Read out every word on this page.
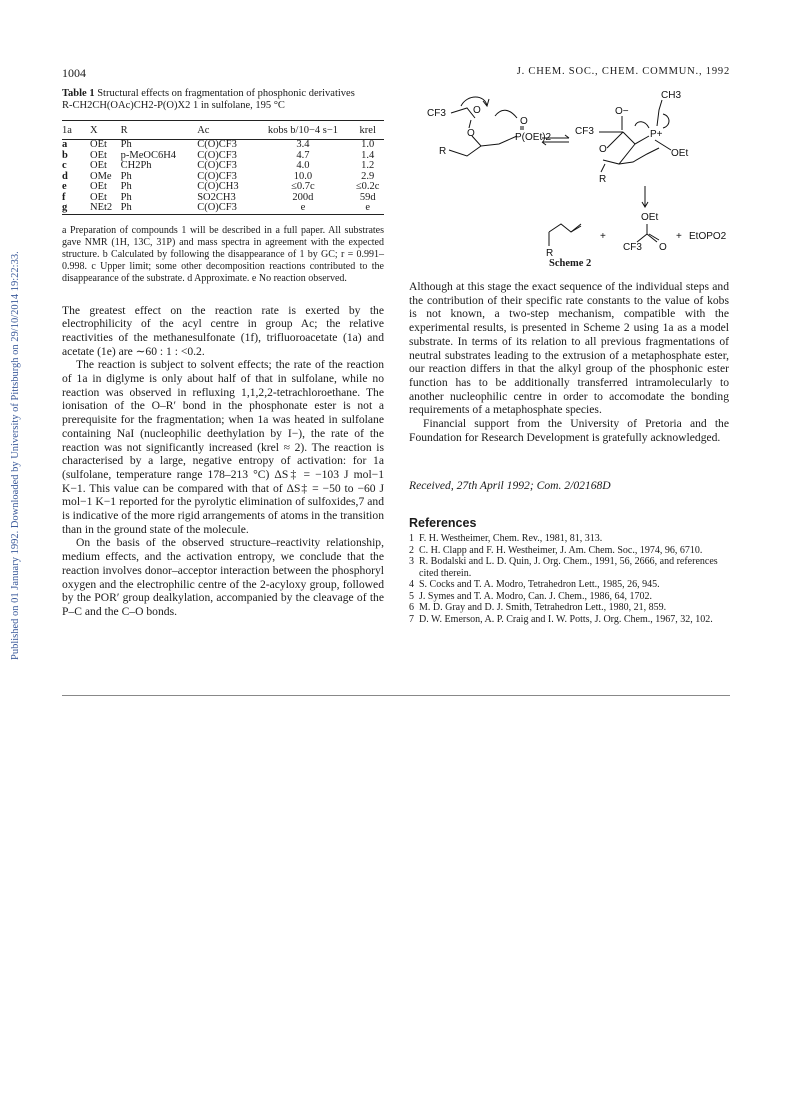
Published on 01 January 1992. Downloaded by University of Pittsburgh on 29/10/2014 19:22:33.
1004	J. CHEM. SOC., CHEM. COMMUN., 1992
Table 1 Structural effects on fragmentation of phosphonic derivatives
R-CH2CH(OAc)CH2-P(O)X2 1 in sulfolane, 195 °C
1a	X	R	Ac	kobs b/10−4 s−1	krel
a	OEt	Ph	C(O)CF3	3.4	1.0
b	OEt	p-MeOC6H4	C(O)CF3	4.7	1.4
c	OEt	CH2Ph	C(O)CF3	4.0	1.2
d	OMe	Ph	C(O)CF3	10.0	2.9
e	OEt	Ph	C(O)CH3	≤0.7c	≤0.2c
f	OEt	Ph	SO2CH3	200d	59d
g	NEt2	Ph	C(O)CF3	e	e
a Preparation of compounds 1 will be described in a full paper. All substrates gave NMR (1H, 13C, 31P) and mass spectra in agreement with the expected structure. b Calculated by following the disappearance of 1 by GC; r = 0.991–0.998. c Upper limit; some other decomposition reactions contributed to the disappearance of the substrate. d Approximate. e No reaction observed.

The greatest effect on the reaction rate is exerted by the electrophilicity of the acyl centre in group Ac; the relative reactivities of the methanesulfonate (1f), trifluoroacetate (1a) and acetate (1e) are ∼60 : 1 : <0.2.

The reaction is subject to solvent effects; the rate of the reaction of 1a in diglyme is only about half of that in sulfolane, while no reaction was observed in refluxing 1,1,2,2-tetrachloroethane. The ionisation of the O–R′ bond in the phosphonate ester is not a prerequisite for the fragmentation; when 1a was heated in sulfolane containing NaI (nucleophilic deethylation by I−), the rate of the reaction was not significantly increased (krel ≈ 2). The reaction is characterised by a large, negative entropy of activation: for 1a (sulfolane, temperature range 178–213 °C) ΔS‡ = −103 J mol−1 K−1. This value can be compared with that of ΔS‡ = −50 to −60 J mol−1 K−1 reported for the pyrolytic elimination of sulfoxides,7 and is indicative of the more rigid arrangements of atoms in the transition than in the ground state of the molecule.

On the basis of the observed structure–reactivity relationship, medium effects, and the activation entropy, we conclude that the reaction involves donor–acceptor interaction between the phosphoryl oxygen and the electrophilic centre of the 2-acyloxy group, followed by the POR′ group dealkylation, accompanied by the cleavage of the P–C and the C–O bonds.

CF3	O
O
R
O
P(OEt)2
CH3
O−
CF3
O
P+
OEt
R
R
+
OEt
CF3 O
+ EtOPO2
Scheme 2

Although at this stage the exact sequence of the individual steps and the contribution of their specific rate constants to the value of kobs is not known, a two-step mechanism, compatible with the experimental results, is presented in Scheme 2 using 1a as a model substrate. In terms of its relation to all previous fragmentations of neutral substrates leading to the extrusion of a metaphosphate ester, our reaction differs in that the alkyl group of the phosphonic ester function has to be additionally transferred intramolecularly to another nucleophilic centre in order to accomodate the bonding requirements of a metaphosphate species.

Financial support from the University of Pretoria and the Foundation for Research Development is gratefully acknowledged.

Received, 27th April 1992; Com. 2/02168D
References
1 F. H. Westheimer, Chem. Rev., 1981, 81, 313.
2 C. H. Clapp and F. H. Westheimer, J. Am. Chem. Soc., 1974, 96, 6710.
3 R. Bodalski and L. D. Quin, J. Org. Chem., 1991, 56, 2666, and references cited therein.
4 S. Cocks and T. A. Modro, Tetrahedron Lett., 1985, 26, 945.
5 J. Symes and T. A. Modro, Can. J. Chem., 1986, 64, 1702.
6 M. D. Gray and D. J. Smith, Tetrahedron Lett., 1980, 21, 859.
7 D. W. Emerson, A. P. Craig and I. W. Potts, J. Org. Chem., 1967, 32, 102.
